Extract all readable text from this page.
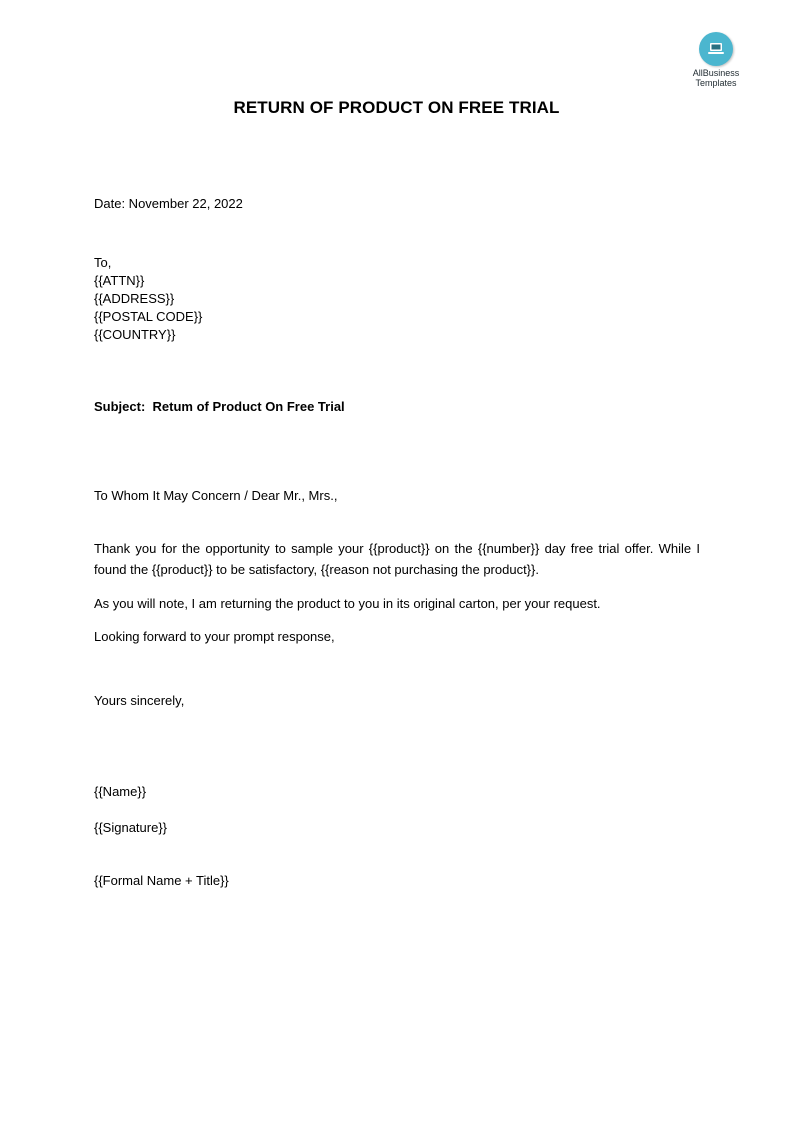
AllBusiness
Templates
RETURN OF PRODUCT ON FREE TRIAL
Date: November 22, 2022
To,
{{ATTN}}
{{ADDRESS}}
{{POSTAL CODE}}
{{COUNTRY}}
Subject: Retum of Product On Free Trial
To Whom It May Concern / Dear Mr., Mrs.,
Thank you for the opportunity to sample your {{product}} on the {{number}} day free trial offer. While I found the {{product}} to be satisfactory, {{reason not purchasing the product}}.
As you will note, I am returning the product to you in its original carton, per your request.
Looking forward to your prompt response,
Yours sincerely,
{{Name}}
{{Signature}}
{{Formal Name + Title}}
